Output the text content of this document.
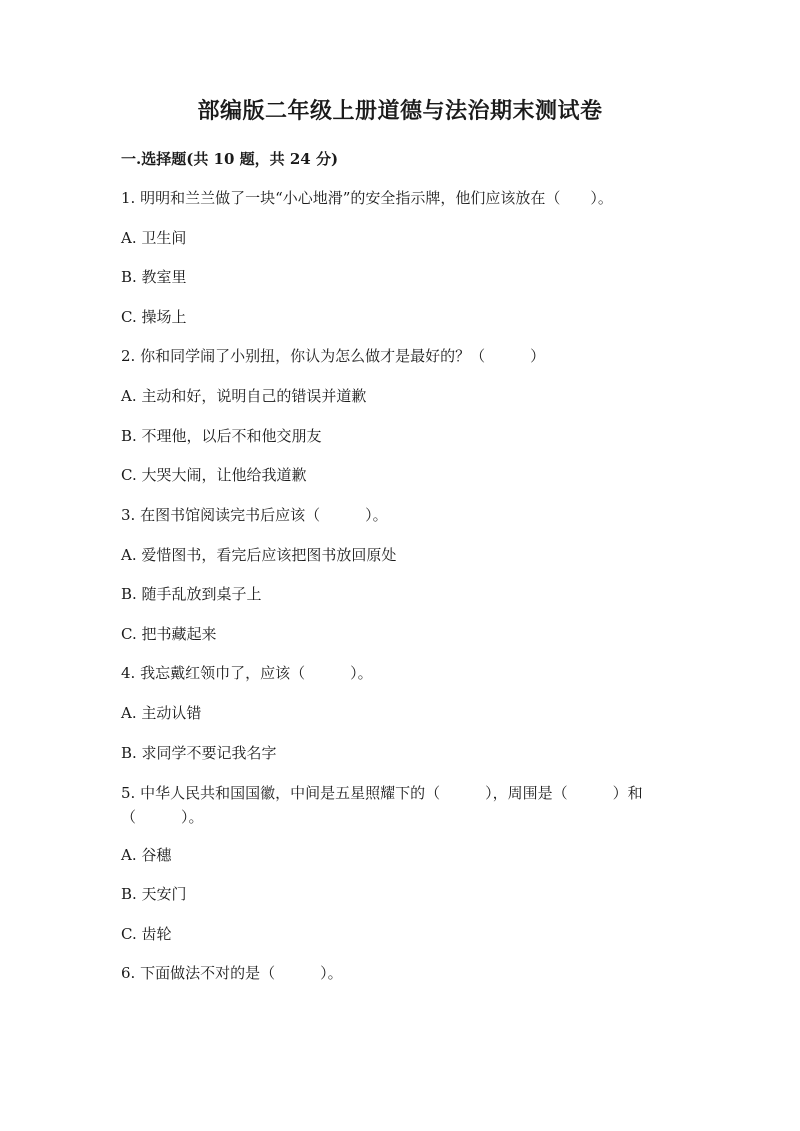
部编版二年级上册道德与法治期末测试卷
一.选择题(共 10 题，共 24 分)
1. 明明和兰兰做了一块“小心地滑”的安全指示牌，他们应该放在（　　）。
A. 卫生间
B. 教室里
C. 操场上
2. 你和同学闹了小别扭，你认为怎么做才是最好的？（　　　）
A. 主动和好，说明自己的错误并道歉
B. 不理他，以后不和他交朋友
C. 大哭大闹，让他给我道歉
3. 在图书馆阅读完书后应该（　　　）。
A. 爱惜图书，看完后应该把图书放回原处
B. 随手乱放到桌子上
C. 把书藏起来
4. 我忘戴红领巾了，应该（　　　）。
A. 主动认错
B. 求同学不要记我名字
5. 中华人民共和国国徽，中间是五星照耀下的（　　　），周围是（　　　）和（　　　）。
A. 谷穗
B. 天安门
C. 齿轮
6. 下面做法不对的是（　　　）。
